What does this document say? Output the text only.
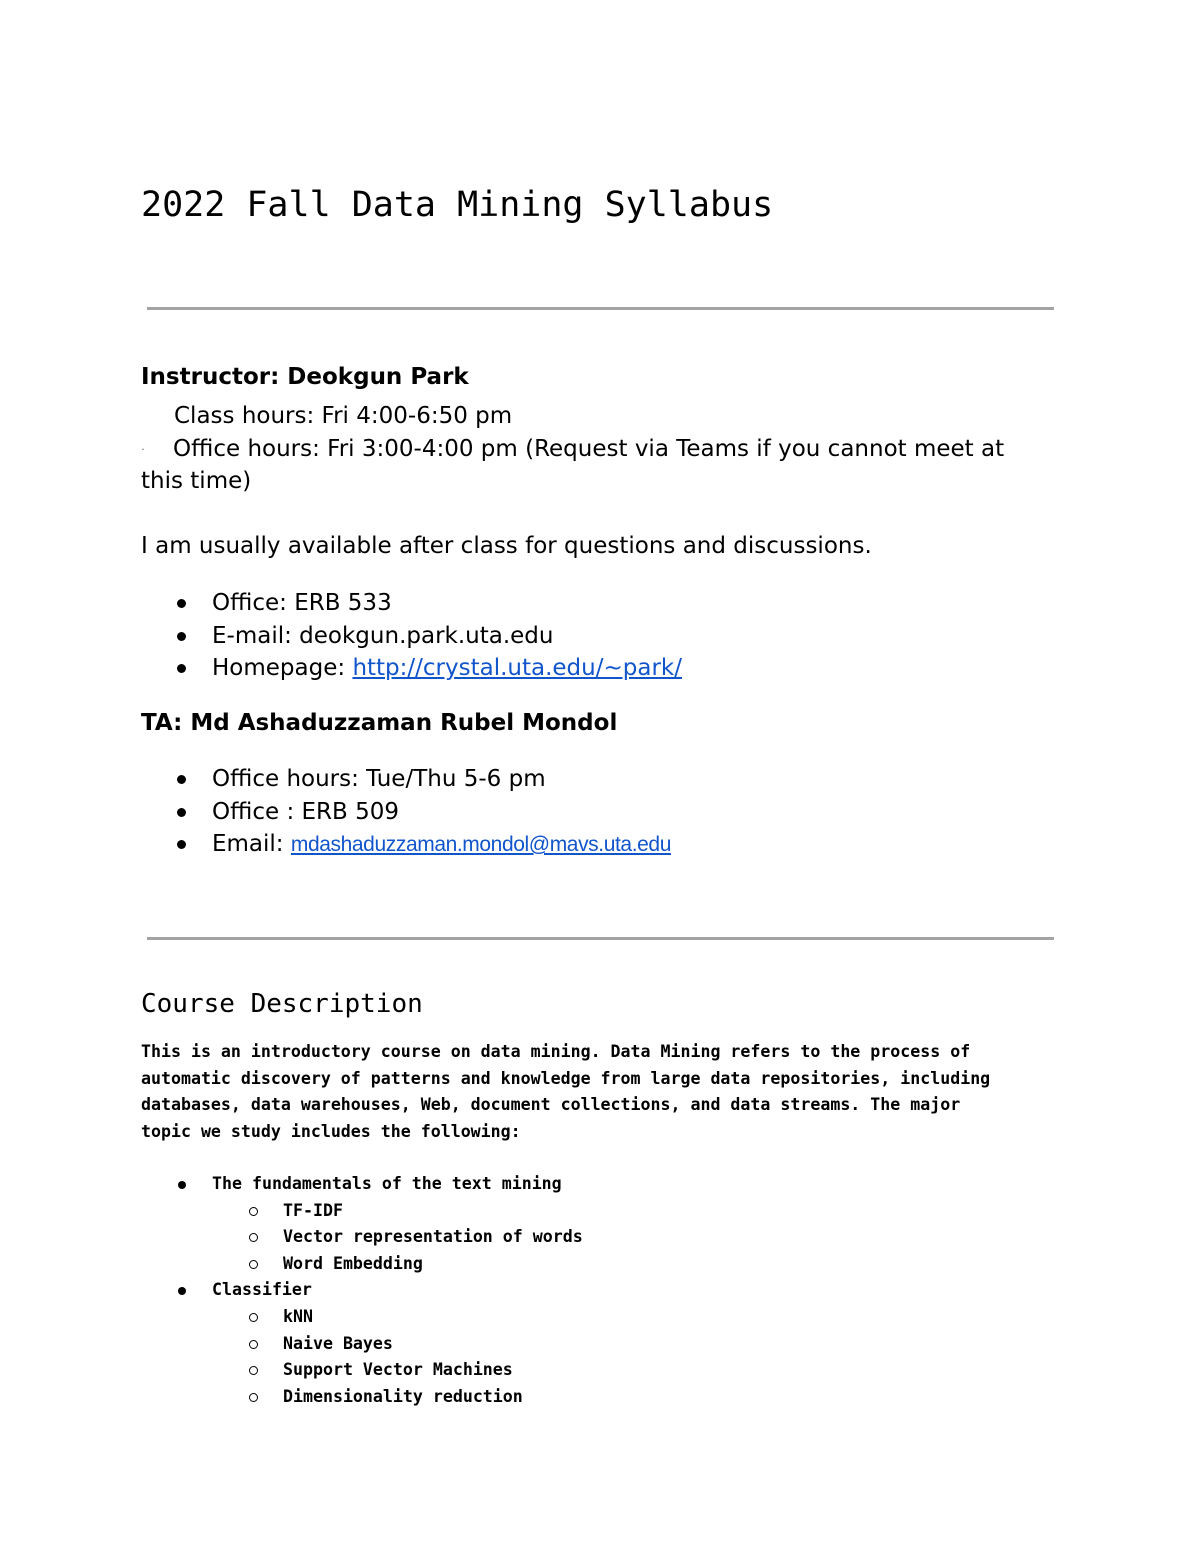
2022 Fall Data Mining Syllabus

Instructor: Deokgun Park

Class hours: Fri 4:00-6:50 pm

· Office hours: Fri 3:00-4:00 pm (Request via Teams if you cannot meet at

this time)

I am usually available after class for questions and discussions.

Office: ERB 533
E-mail: deokgun.park.uta.edu
Homepage: http://crystal.uta.edu/~park/

TA: Md Ashaduzzaman Rubel Mondol

Office hours: Tue/Thu 5-6 pm
Office : ERB 509
Email: mdashaduzzaman.mondol@mavs.uta.edu
Course Description

This is an introductory course on data mining. Data Mining refers to the process of
automatic discovery of patterns and knowledge from large data repositories, including
databases, data warehouses, Web, document collections, and data streams. The major
topic we study includes the following:

The fundamentals of the text mining
TF-IDF
Vector representation of words
Word Embedding
Classifier
kNN
Naive Bayes
Support Vector Machines
Dimensionality reduction
